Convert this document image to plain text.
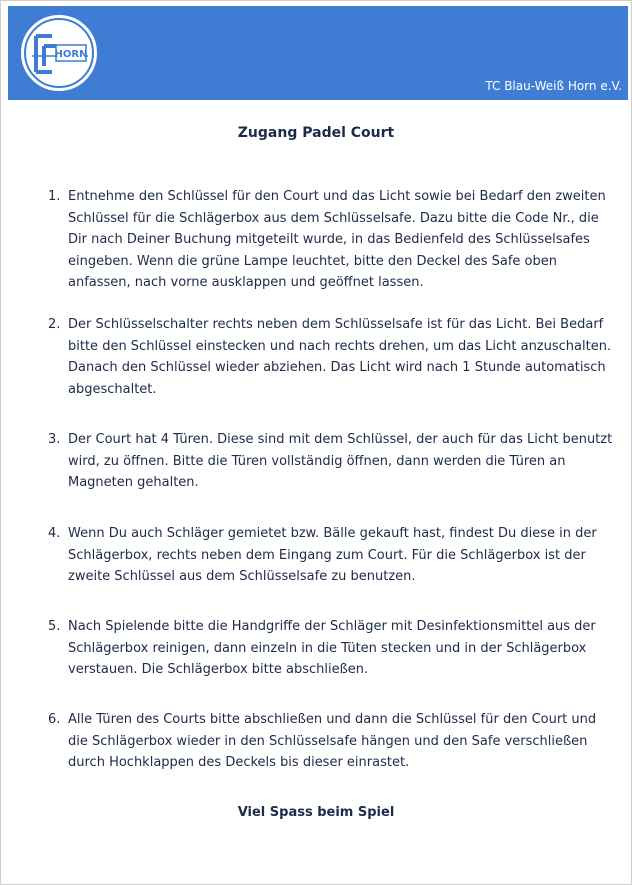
HORN
TC Blau-Weiß Horn e.V.
Zugang Padel Court
1. Entnehme den Schlüssel für den Court und das Licht sowie bei Bedarf den zweiten Schlüssel für die Schlägerbox aus dem Schlüsselsafe. Dazu bitte die Code Nr., die Dir nach Deiner Buchung mitgeteilt wurde, in das Bedienfeld des Schlüsselsafes eingeben. Wenn die grüne Lampe leuchtet, bitte den Deckel des Safe oben anfassen, nach vorne ausklappen und geöffnet lassen.
2. Der Schlüsselschalter rechts neben dem Schlüsselsafe ist für das Licht. Bei Bedarf bitte den Schlüssel einstecken und nach rechts drehen, um das Licht anzuschalten. Danach den Schlüssel wieder abziehen. Das Licht wird nach 1 Stunde automatisch abgeschaltet.
3. Der Court hat 4 Türen. Diese sind mit dem Schlüssel, der auch für das Licht benutzt wird, zu öffnen. Bitte die Türen vollständig öffnen, dann werden die Türen an Magneten gehalten.
4. Wenn Du auch Schläger gemietet bzw. Bälle gekauft hast, findest Du diese in der Schlägerbox, rechts neben dem Eingang zum Court. Für die Schlägerbox ist der zweite Schlüssel aus dem Schlüsselsafe zu benutzen.
5. Nach Spielende bitte die Handgriffe der Schläger mit Desinfektionsmittel aus der Schlägerbox reinigen, dann einzeln in die Tüten stecken und in der Schlägerbox verstauen. Die Schlägerbox bitte abschließen.
6. Alle Türen des Courts bitte abschließen und dann die Schlüssel für den Court und die Schlägerbox wieder in den Schlüsselsafe hängen und den Safe verschließen durch Hochklappen des Deckels bis dieser einrastet.
Viel Spass beim Spiel
